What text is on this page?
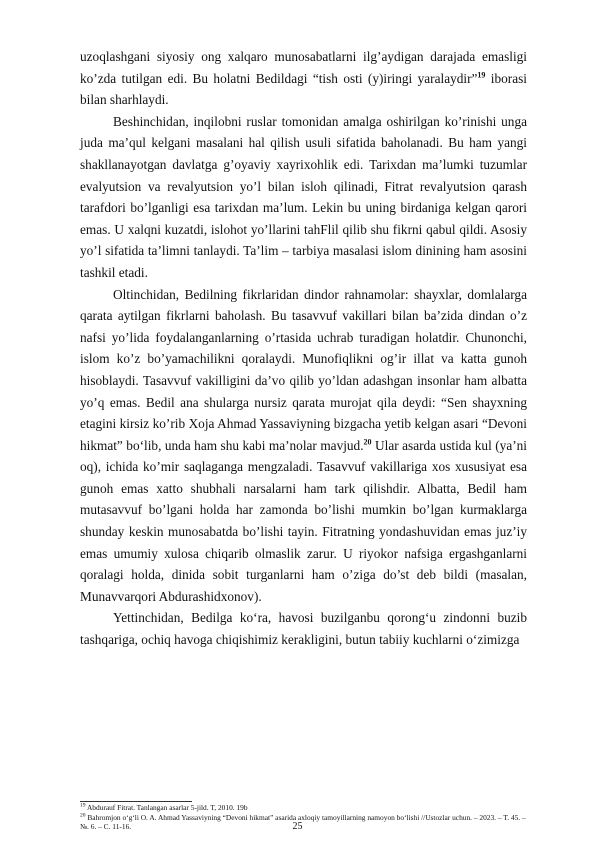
uzoqlashgani siyosiy ong xalqaro munosabatlarni ilg’aydigan darajada emasligi ko’zda tutilgan edi. Bu holatni Bedildagi “tish osti (y)iringi yaralaydir”$^{19}$ iborasi bilan sharhlaydi.

Beshinchidan, inqilobni ruslar tomonidan amalga oshirilgan ko’rinishi unga juda ma’qul kelgani masalani hal qilish usuli sifatida baholanadi. Bu ham yangi shakllanayotgan davlatga g’oyaviy xayrixohlik edi. Tarixdan ma’lumki tuzumlar evalyutsion va revalyutsion yo’l bilan isloh qilinadi, Fitrat revalyutsion qarash tarafdori bo’lganligi esa tarixdan ma’lum. Lekin bu uning birdaniga kelgan qarori emas. U xalqni kuzatdi, islohot yo’llarini tahFlil qilib shu fikrni qabul qildi. Asosiy yo’l sifatida ta’limni tanlaydi. Ta’lim – tarbiya masalasi islom dinining ham asosini tashkil etadi.

Oltinchidan, Bedilning fikrlaridan dindor rahnamolar: shayxlar, domlalarga qarata aytilgan fikrlarni baholash. Bu tasavvuf vakillari bilan ba’zida dindan o’z nafsi yo’lida foydalanganlarning o’rtasida uchrab turadigan holatdir. Chunonchi, islom ko’z bo’yamachilikni qoralaydi. Munofiqlikni og’ir illat va katta gunoh hisoblaydi. Tasavvuf vakilligini da’vo qilib yo’ldan adashgan insonlar ham albatta yo’q emas. Bedil ana shularga nursiz qarata murojat qila deydi: “Sen shayxning etagini kirsiz ko’rib Xoja Ahmad Yassaviyning bizgacha yetib kelgan asari “Devoni hikmat” bo‘lib, unda ham shu kabi ma’nolar mavjud.$^{20}$ Ular asarda ustida kul (ya’ni oq), ichida ko’mir saqlaganga mengzaladi. Tasavvuf vakillariga xos xususiyat esa gunoh emas xatto shubhali narsalarni ham tark qilishdir. Albatta, Bedil ham mutasavvuf bo’lgani holda har zamonda bo’lishi mumkin bo’lgan kurmaklarga shunday keskin munosabatda bo’lishi tayin. Fitratning yondashuvidan emas juz’iy emas umumiy xulosa chiqarib olmaslik zarur. U riyokor nafsiga ergashganlarni qoralagi holda, dinida sobit turganlarni ham o’ziga do’st deb bildi (masalan, Munavvarqori Abdurashidxonov).

Yettinchidan, Bedilga ko‘ra, havosi buzilganbu qorong‘u zindonni buzib tashqariga, ochiq havoga chiqishimiz kerakligini, butun tabiiy kuchlarni o‘zimizga

$^{19}$ Abdurauf Fitrat. Tanlangan asarlar 5-jild. T, 2010. 19b

$^{20}$ Bahromjon o‘g‘li O. A. Ahmad Yassaviyning “Devoni hikmat” asarida axloqiy tamoyillarning namoyon bo‘lishi //Ustozlar uchun. – 2023. – Т. 45. – №. 6. – С. 11-16.	25
